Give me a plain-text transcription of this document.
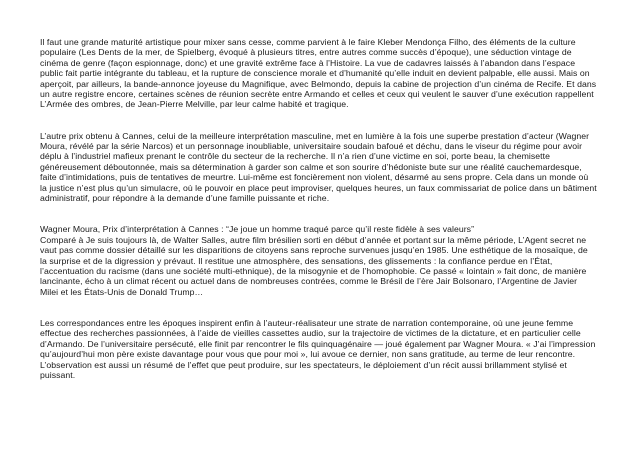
Il faut une grande maturité artistique pour mixer sans cesse, comme parvient à le faire Kleber Mendonça Filho, des éléments de la culture populaire (Les Dents de la mer, de Spielberg, évoqué à plusieurs titres, entre autres comme succès d’époque), une séduction vintage de cinéma de genre (façon espionnage, donc) et une gravité extrême face à l’Histoire. La vue de cadavres laissés à l’abandon dans l’espace public fait partie intégrante du tableau, et la rupture de conscience morale et d’humanité qu’elle induit en devient palpable, elle aussi. Mais on aperçoit, par ailleurs, la bande-annonce joyeuse du Magnifique, avec Belmondo, depuis la cabine de projection d’un cinéma de Recife. Et dans un autre registre encore, certaines scènes de réunion secrète entre Armando et celles et ceux qui veulent le sauver d’une exécution rappellent L’Armée des ombres, de Jean-Pierre Melville, par leur calme habité et tragique.

L’autre prix obtenu à Cannes, celui de la meilleure interprétation masculine, met en lumière à la fois une superbe prestation d’acteur (Wagner Moura, révélé par la série Narcos) et un personnage inoubliable, universitaire soudain bafoué et déchu, dans le viseur du régime pour avoir déplu à l’industriel mafieux prenant le contrôle du secteur de la recherche. Il n’a rien d’une victime en soi, porte beau, la chemisette généreusement déboutonnée, mais sa détermination à garder son calme et son sourire d’hédoniste bute sur une réalité cauchemardesque, faite d’intimidations, puis de tentatives de meurtre. Lui-même est foncièrement non violent, désarmé au sens propre. Cela dans un monde où la justice n’est plus qu’un simulacre, où le pouvoir en place peut improviser, quelques heures, un faux commissariat de police dans un bâtiment administratif, pour répondre à la demande d’une famille puissante et riche.

Wagner Moura, Prix d’interprétation à Cannes : “Je joue un homme traqué parce qu’il reste fidèle à ses valeurs”

Comparé à Je suis toujours là, de Walter Salles, autre film brésilien sorti en début d’année et portant sur la même période, L’Agent secret ne vaut pas comme dossier détaillé sur les disparitions de citoyens sans reproche survenues jusqu’en 1985. Une esthétique de la mosaïque, de la surprise et de la digression y prévaut. Il restitue une atmosphère, des sensations, des glissements : la confiance perdue en l’État, l’accentuation du racisme (dans une société multi-ethnique), de la misogynie et de l’homophobie. Ce passé « lointain » fait donc, de manière lancinante, écho à un climat récent ou actuel dans de nombreuses contrées, comme le Brésil de l’ère Jair Bolsonaro, l’Argentine de Javier Milei et les États-Unis de Donald Trump…

Les correspondances entre les époques inspirent enfin à l’auteur-réalisateur une strate de narration contemporaine, où une jeune femme effectue des recherches passionnées, à l’aide de vieilles cassettes audio, sur la trajectoire de victimes de la dictature, et en particulier celle d’Armando. De l’universitaire persécuté, elle finit par rencontrer le fils quinquagénaire — joué également par Wagner Moura. « J’ai l’impression qu’aujourd’hui mon père existe davantage pour vous que pour moi », lui avoue ce dernier, non sans gratitude, au terme de leur rencontre. L’observation est aussi un résumé de l’effet que peut produire, sur les spectateurs, le déploiement d’un récit aussi brillamment stylisé et puissant.
